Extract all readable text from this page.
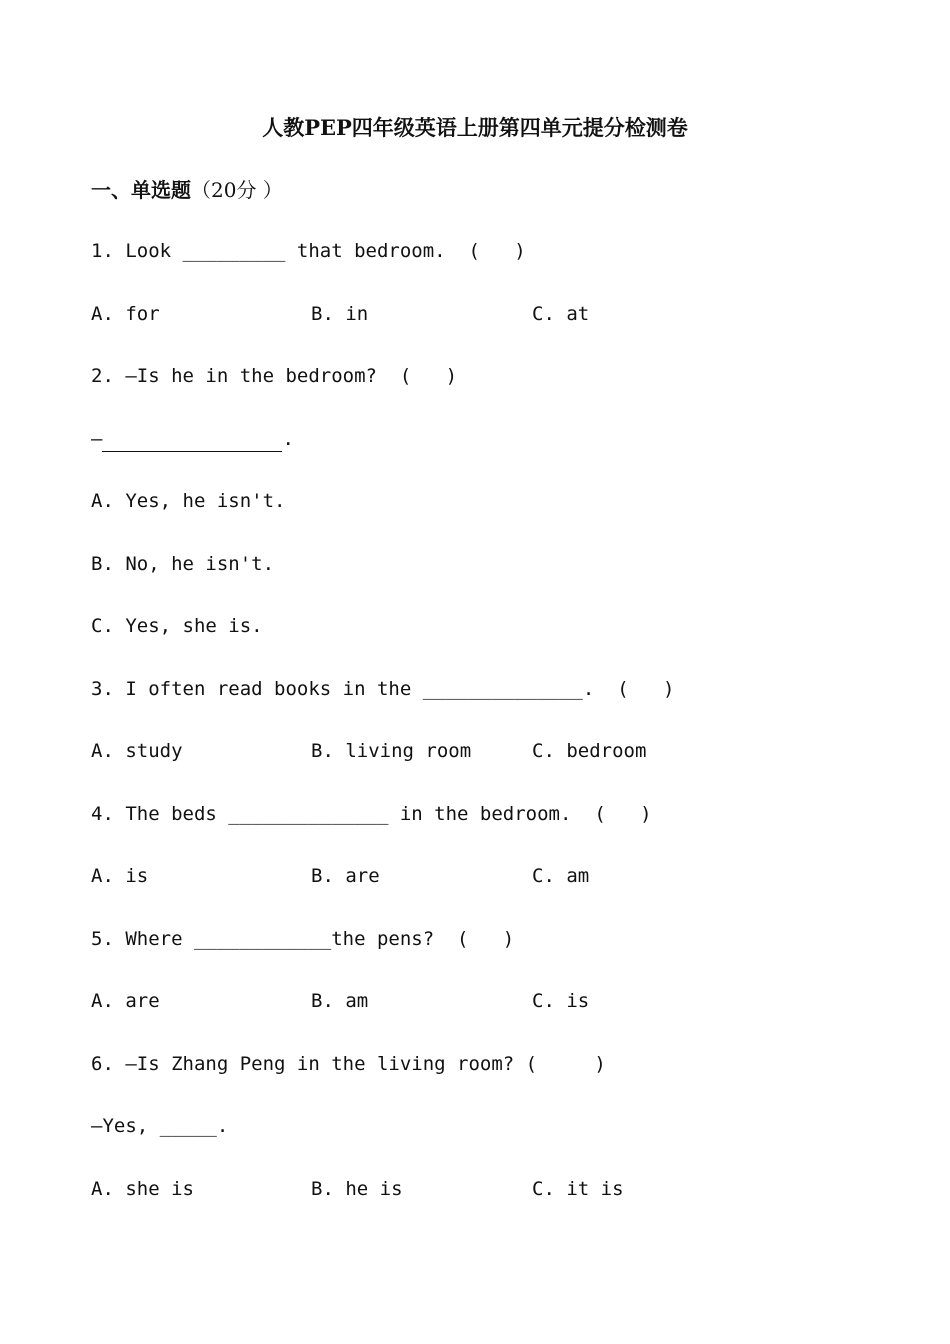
人教PEP四年级英语上册第四单元提分检测卷
一、单选题（20分 ）
1. Look _________ that bedroom.  (   )
A. for	B. in	C. at
2. —Is he in the bedroom?  (   )
—	.
A. Yes, he isn't.
B. No, he isn't.
C. Yes, she is.
3. I often read books in the ______________.  (   )
A. study	B. living room	C. bedroom
4. The beds ______________ in the bedroom.  (   )
A. is	B. are	C. am
5. Where ____________the pens?  (   )
A. are	B. am	C. is
6. —Is Zhang Peng in the living room? (     )
—Yes, _____.
A. she is	B. he is	C. it is
